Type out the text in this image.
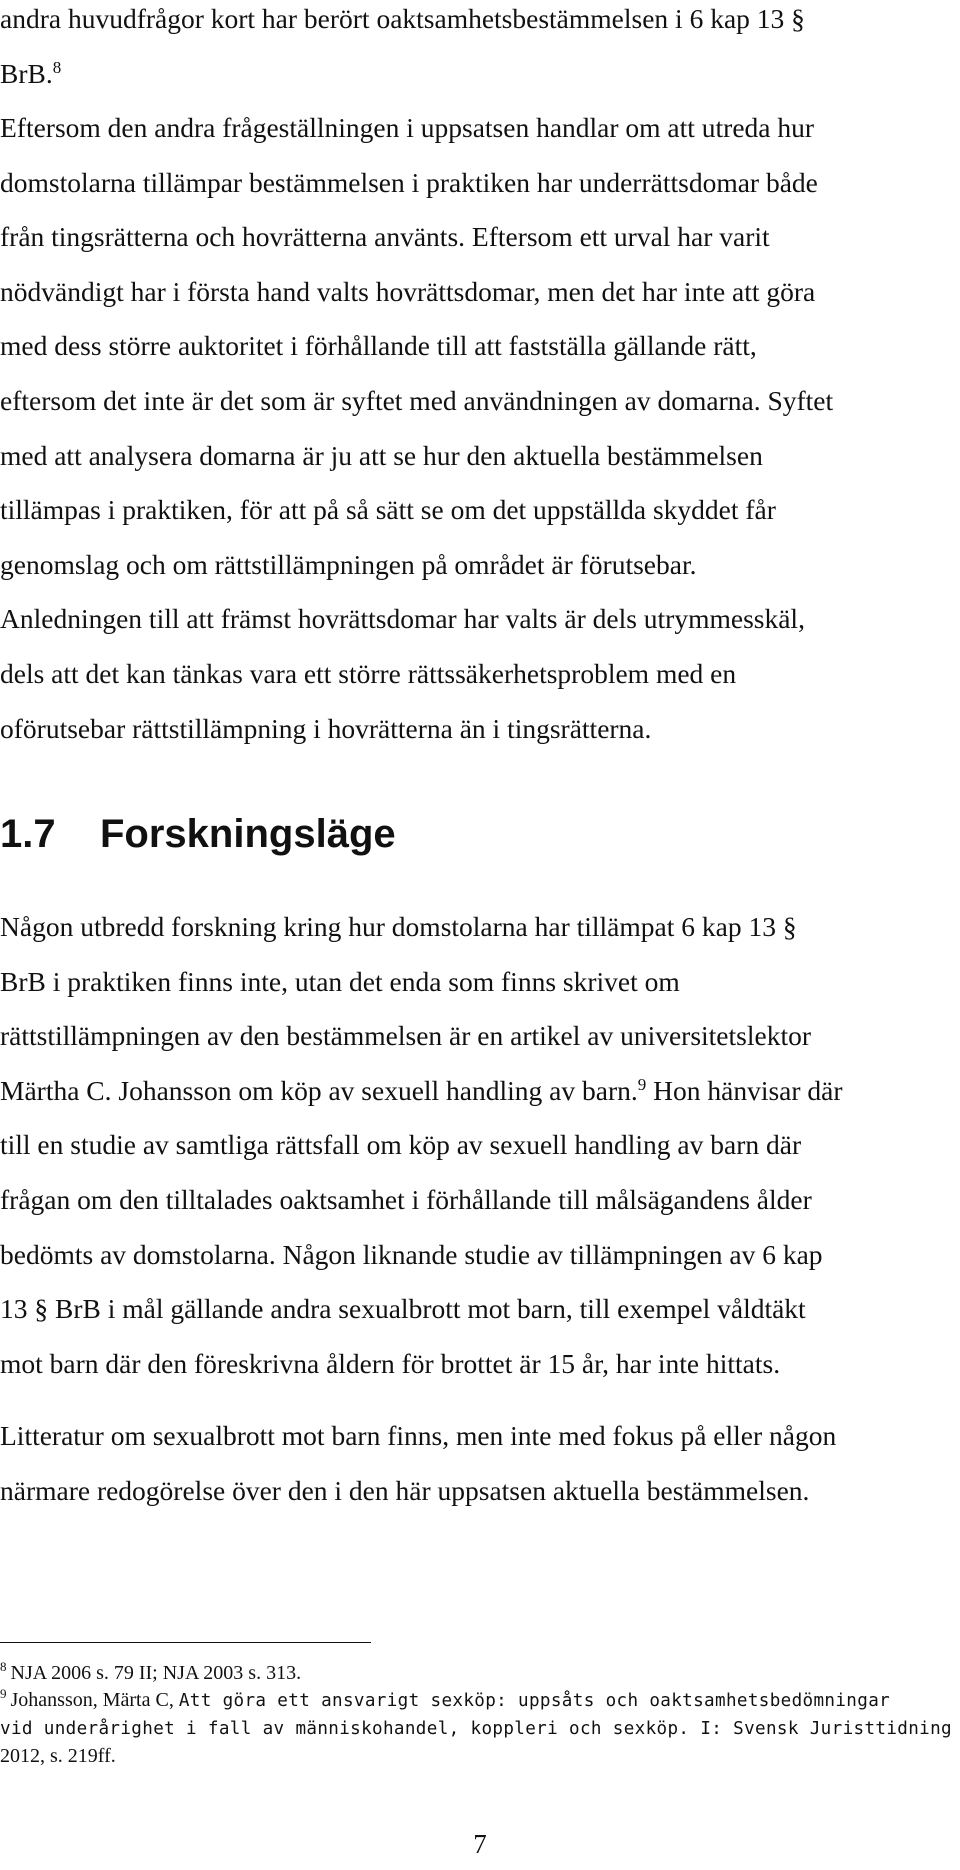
andra huvudfrågor kort har berört oaktsamhetsbestämmelsen i 6 kap 13 §
BrB.$^8$
Eftersom den andra frågeställningen i uppsatsen handlar om att utreda hur
domstolarna tillämpar bestämmelsen i praktiken har underrättsdomar både
från tingsrätterna och hovrätterna använts. Eftersom ett urval har varit
nödvändigt har i första hand valts hovrättsdomar, men det har inte att göra
med dess större auktoritet i förhållande till att fastställa gällande rätt,
eftersom det inte är det som är syftet med användningen av domarna. Syftet
med att analysera domarna är ju att se hur den aktuella bestämmelsen
tillämpas i praktiken, för att på så sätt se om det uppställda skyddet får
genomslag och om rättstillämpningen på området är förutsebar.
Anledningen till att främst hovrättsdomar har valts är dels utrymmesskäl,
dels att det kan tänkas vara ett större rättssäkerhetsproblem med en
oförutsebar rättstillämpning i hovrätterna än i tingsrätterna.
1.7 Forskningsläge
Någon utbredd forskning kring hur domstolarna har tillämpat 6 kap 13 §
BrB i praktiken finns inte, utan det enda som finns skrivet om
rättstillämpningen av den bestämmelsen är en artikel av universitetslektor
Märtha C. Johansson om köp av sexuell handling av barn.$^9$ Hon hänvisar där
till en studie av samtliga rättsfall om köp av sexuell handling av barn där
frågan om den tilltalades oaktsamhet i förhållande till målsägandens ålder
bedömts av domstolarna. Någon liknande studie av tillämpningen av 6 kap
13 § BrB i mål gällande andra sexualbrott mot barn, till exempel våldtäkt
mot barn där den föreskrivna åldern för brottet är 15 år, har inte hittats.
Litteratur om sexualbrott mot barn finns, men inte med fokus på eller någon
närmare redogörelse över den i den här uppsatsen aktuella bestämmelsen.
$^8$ NJA 2006 s. 79 II; NJA 2003 s. 313.
$^9$ Johansson, Märta C, Att göra ett ansvarigt sexköp: uppsåts och oaktsamhetsbedömningar
vid underårighet i fall av människohandel, koppleri och sexköp. I: Svensk Juristtidning
2012, s. 219ff.

7
